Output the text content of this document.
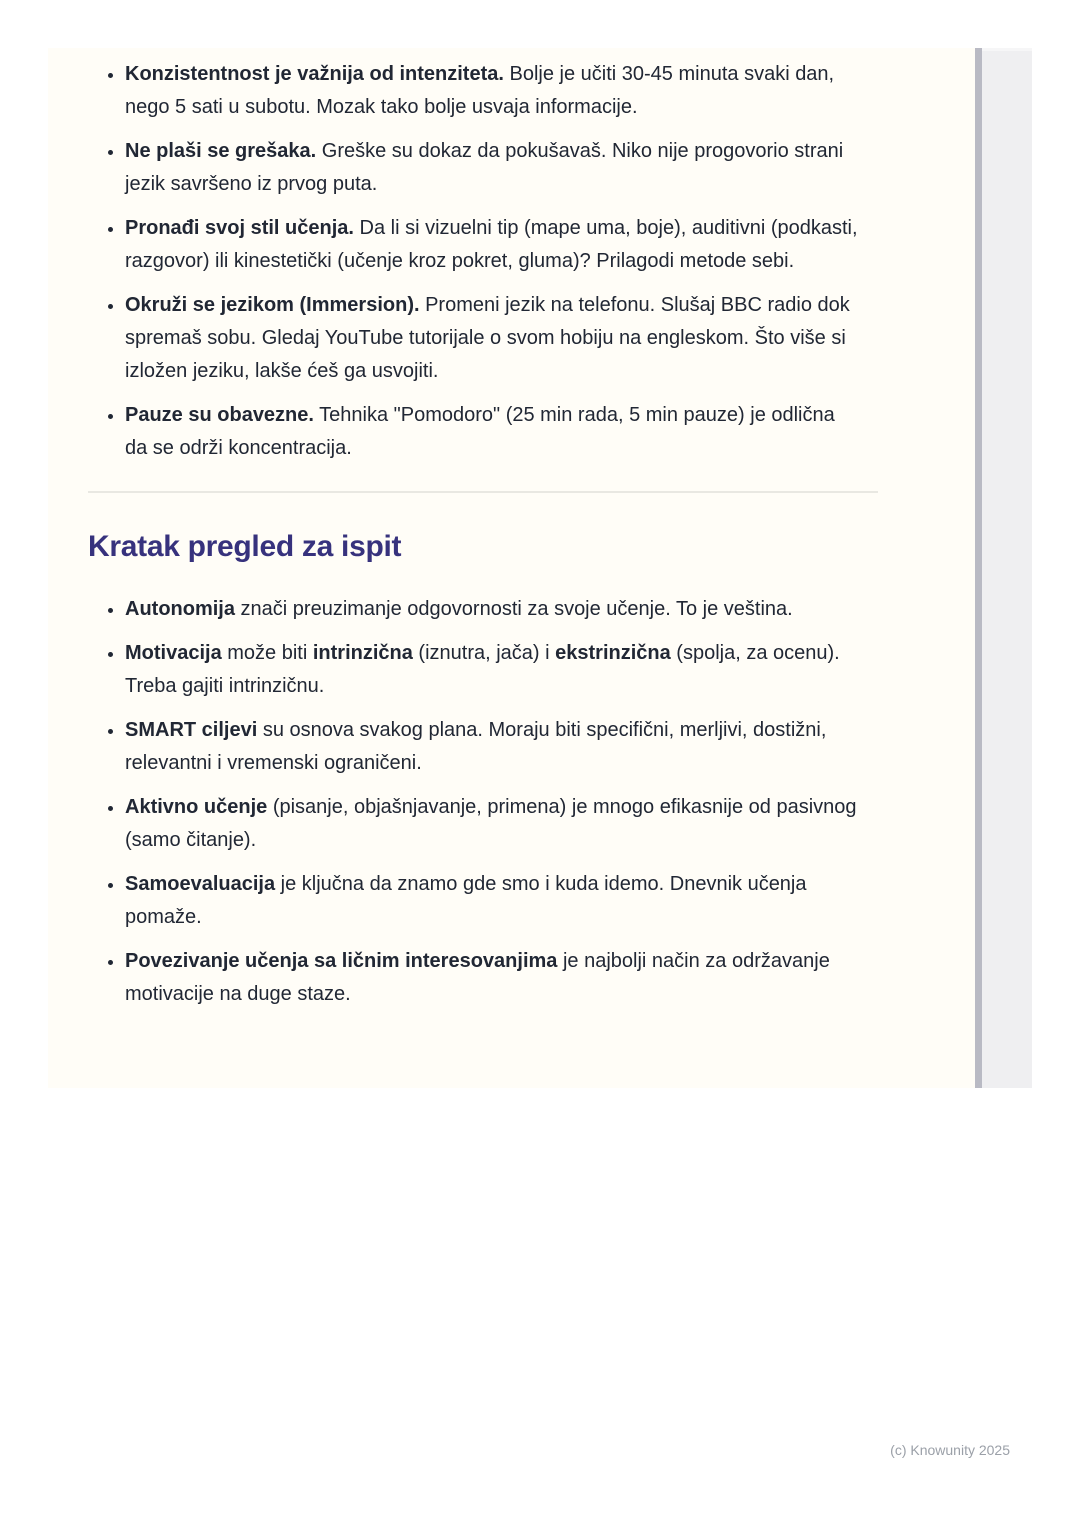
• Konzistentnost je važnija od intenziteta. Bolje je učiti 30-45 minuta svaki dan, nego 5 sati u subotu. Mozak tako bolje usvaja informacije.
• Ne plaši se grešaka. Greške su dokaz da pokušavaš. Niko nije progovorio strani jezik savršeno iz prvog puta.
• Pronađi svoj stil učenja. Da li si vizuelni tip (mape uma, boje), auditivni (podkasti, razgovor) ili kinestetički (učenje kroz pokret, gluma)? Prilagodi metode sebi.
• Okruži se jezikom (Immersion). Promeni jezik na telefonu. Slušaj BBC radio dok spremaš sobu. Gledaj YouTube tutorijale o svom hobiju na engleskom. Što više si izložen jeziku, lakše ćeš ga usvojiti.
• Pauze su obavezne. Tehnika "Pomodoro" (25 min rada, 5 min pauze) je odlična da se održi koncentracija.
Kratak pregled za ispit
• Autonomija znači preuzimanje odgovornosti za svoje učenje. To je veština.
• Motivacija može biti intrinzična (iznutra, jača) i ekstrinzična (spolja, za ocenu). Treba gajiti intrinzičnu.
• SMART ciljevi su osnova svakog plana. Moraju biti specifični, merljivi, dostižni, relevantni i vremenski ograničeni.
• Aktivno učenje (pisanje, objašnjavanje, primena) je mnogo efikasnije od pasivnog (samo čitanje).
• Samoevaluacija je ključna da znamo gde smo i kuda idemo. Dnevnik učenja pomaže.
• Povezivanje učenja sa ličnim interesovanjima je najbolji način za održavanje motivacije na duge staze.
(c) Knowunity 2025
